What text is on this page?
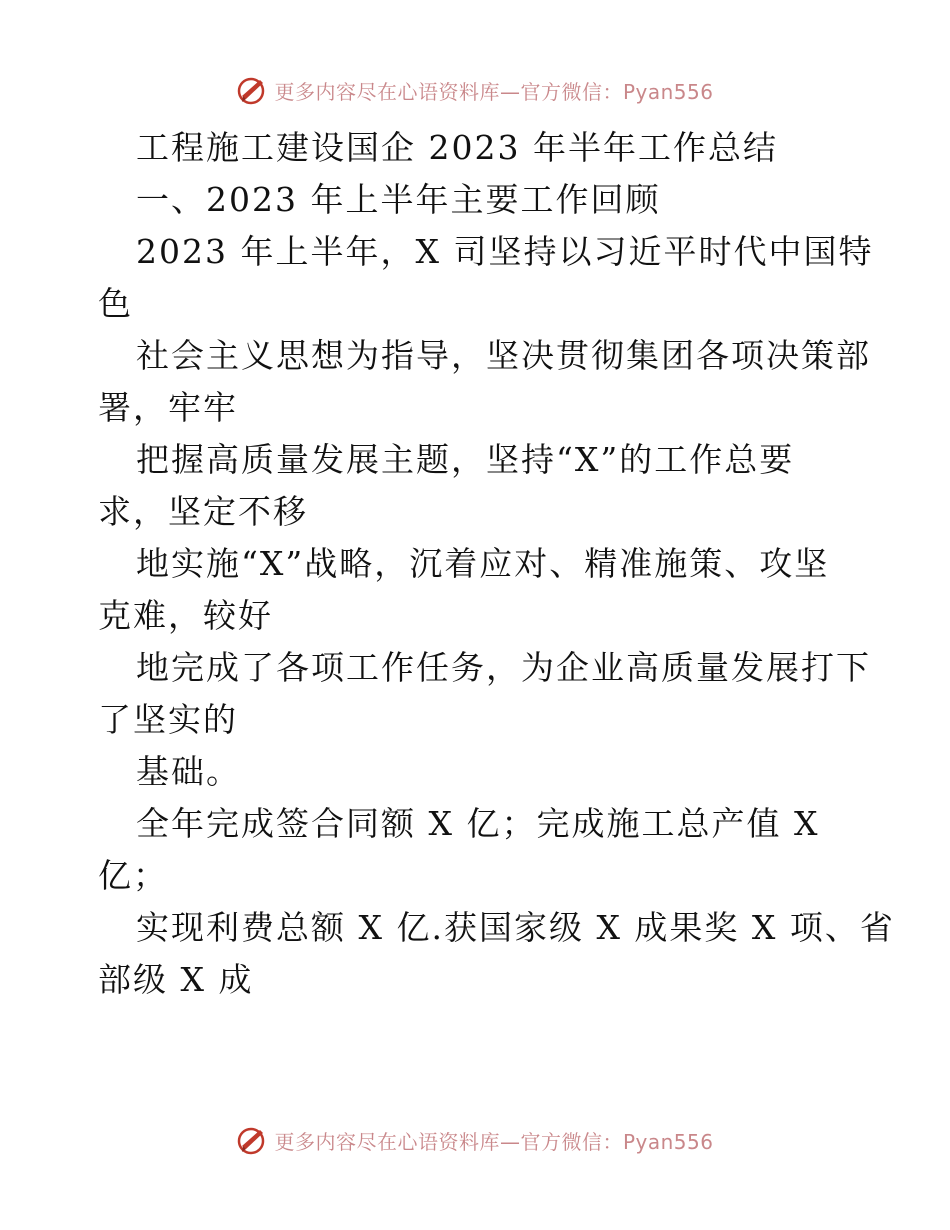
更多内容尽在心语资料库—官方微信：Pyan556
工程施工建设国企 2023 年半年工作总结
一、2023 年上半年主要工作回顾
2023 年上半年，X 司坚持以习近平时代中国特
色
社会主义思想为指导，坚决贯彻集团各项决策部
署，牢牢
把握高质量发展主题，坚持“X”的工作总要
求，坚定不移
地实施“X”战略，沉着应对、精准施策、攻坚
克难，较好
地完成了各项工作任务，为企业高质量发展打下
了坚实的
基础。
全年完成签合同额 X 亿；完成施工总产值 X
亿；
实现利费总额 X 亿.获国家级 X 成果奖 X 项、省
部级 X 成
更多内容尽在心语资料库—官方微信：Pyan556
